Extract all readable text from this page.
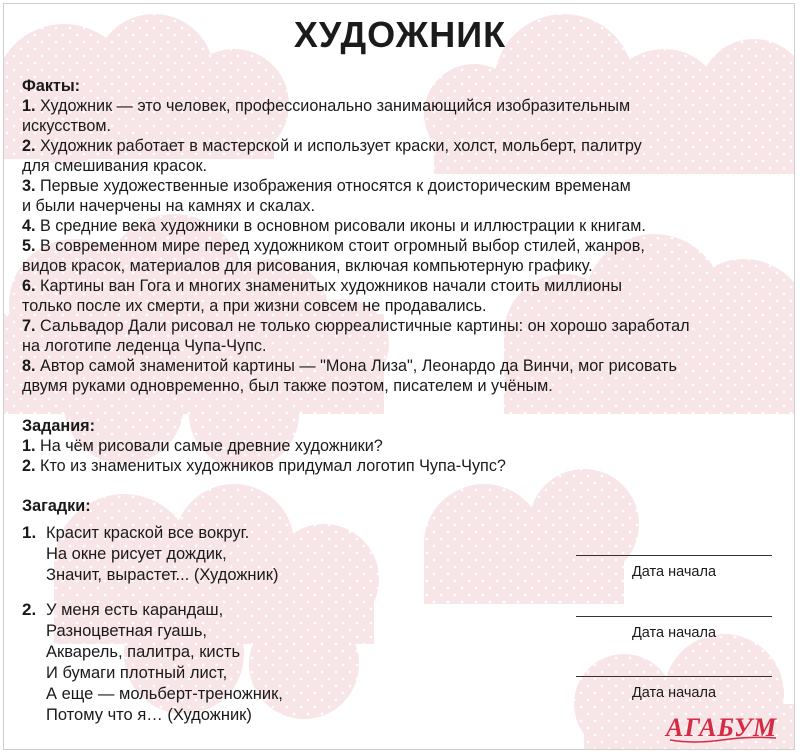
ХУДОЖНИК
Факты:
1. Художник — это человек, профессионально занимающийся изобразительным
искусством.
2. Художник работает в мастерской и использует краски, холст, мольберт, палитру
для смешивания красок.
3. Первые художественные изображения относятся к доисторическим временам
и были начерчены на камнях и скалах.
4. В средние века художники в основном рисовали иконы и иллюстрации к книгам.
5. В современном мире перед художником стоит огромный выбор стилей, жанров,
видов красок, материалов для рисования, включая компьютерную графику.
6. Картины ван Гога и многих знаменитых художников начали стоить миллионы
только после их смерти, а при жизни совсем не продавались.
7. Сальвадор Дали рисовал не только сюрреалистичные картины: он хорошо заработал
на логотипе леденца Чупа-Чупс.
8. Автор самой знаменитой картины — "Мона Лиза", Леонардо да Винчи, мог рисовать
двумя руками одновременно, был также поэтом, писателем и учёным.
Задания:
1. На чём рисовали самые древние художники?
2. Кто из знаменитых художников придумал логотип Чупа-Чупс?
Загадки:
1. Красит краской все вокруг.
На окне рисует дождик,
Значит, вырастет... (Художник)
2. У меня есть карандаш,
Разноцветная гуашь,
Акварель, палитра, кисть
И бумаги плотный лист,
А еще — мольберт-треножник,
Потому что я… (Художник)
Дата начала
Дата начала
Дата начала
АГАБУМ
